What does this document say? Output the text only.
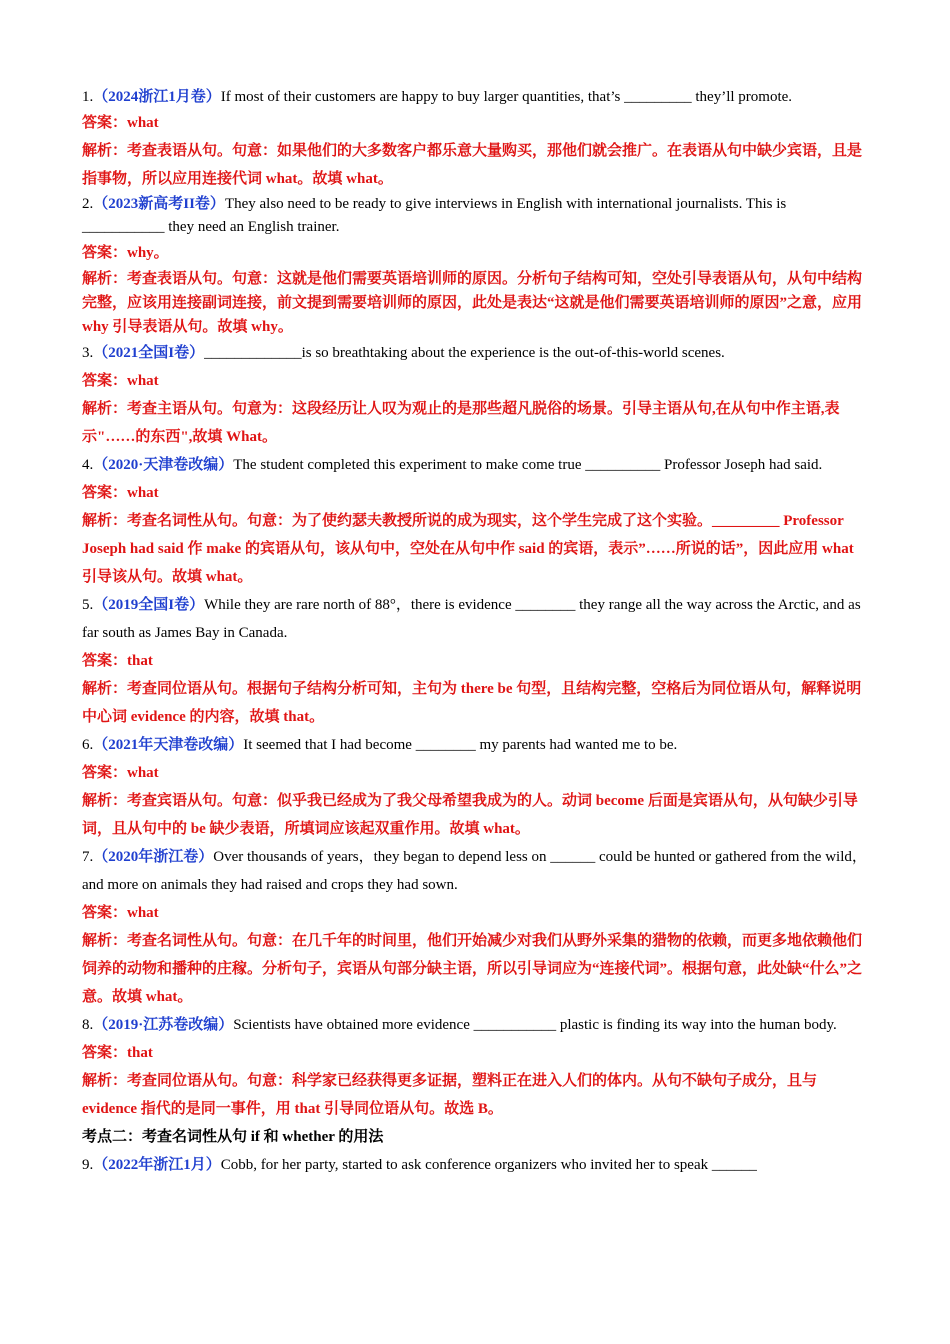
1.（2024浙江1月卷）If most of their customers are happy to buy larger quantities, that’s _________ they’ll promote.

答案：what

解析：考查表语从句。句意：如果他们的大多数客户都乐意大量购买，那他们就会推广。在表语从句中缺少宾语，且是指事物，所以应用连接代词 what。故填 what。

2.（2023新高考II卷）They also need to be ready to give interviews in English with international journalists. This is ___________ they need an English trainer.

答案：why。

解析：考查表语从句。句意：这就是他们需要英语培训师的原因。分析句子结构可知，空处引导表语从句，从句中结构完整，应该用连接副词连接，前文提到需要培训师的原因，此处是表达“这就是他们需要英语培训师的原因”之意，应用 why 引导表语从句。故填 why。

3.（2021全国I卷）_____________is so breathtaking about the experience is the out-of-this-world scenes.

答案：what

解析：考查主语从句。句意为：这段经历让人叹为观止的是那些超凡脱俗的场景。引导主语从句,在从句中作主语,表示"……的东西",故填 What。

4.（2020·天津卷改编）The student completed this experiment to make come true __________ Professor Joseph had said.

答案：what

解析：考查名词性从句。句意：为了使约瑟夫教授所说的成为现实，这个学生完成了这个实验。_________ Professor Joseph had said 作 make 的宾语从句，该从句中，空处在从句中作 said 的宾语，表示”……所说的话”，因此应用 what 引导该从句。故填 what。

5.（2019全国I卷）While they are rare north of 88°，there is evidence ________ they range all the way across the Arctic, and as far south as James Bay in Canada.

答案：that

解析：考查同位语从句。根据句子结构分析可知，主句为 there be 句型，且结构完整，空格后为同位语从句，解释说明中心词 evidence 的内容，故填 that。

6.（2021年天津卷改编）It seemed that I had become ________ my parents had wanted me to be.

答案：what

解析：考查宾语从句。句意：似乎我已经成为了我父母希望我成为的人。动词 become 后面是宾语从句，从句缺少引导词，且从句中的 be 缺少表语，所填词应该起双重作用。故填 what。

7.（2020年浙江卷）Over thousands of years，they began to depend less on ______ could be hunted or gathered from the wild，and more on animals they had raised and crops they had sown.

答案：what

解析：考查名词性从句。句意：在几千年的时间里，他们开始减少对我们从野外采集的猎物的依赖，而更多地依赖他们饲养的动物和播种的庄稼。分析句子，宾语从句部分缺主语，所以引导词应为“连接代词”。根据句意，此处缺“什么”之意。故填 what。

8.（2019·江苏卷改编）Scientists have obtained more evidence ___________ plastic is finding its way into the human body.

答案：that

解析：考查同位语从句。句意：科学家已经获得更多证据，塑料正在进入人们的体内。从句不缺句子成分，且与 evidence 指代的是同一事件，用 that 引导同位语从句。故选 B。

考点二：考查名词性从句 if 和 whether 的用法

9.（2022年浙江1月）Cobb, for her party, started to ask conference organizers who invited her to speak ______
